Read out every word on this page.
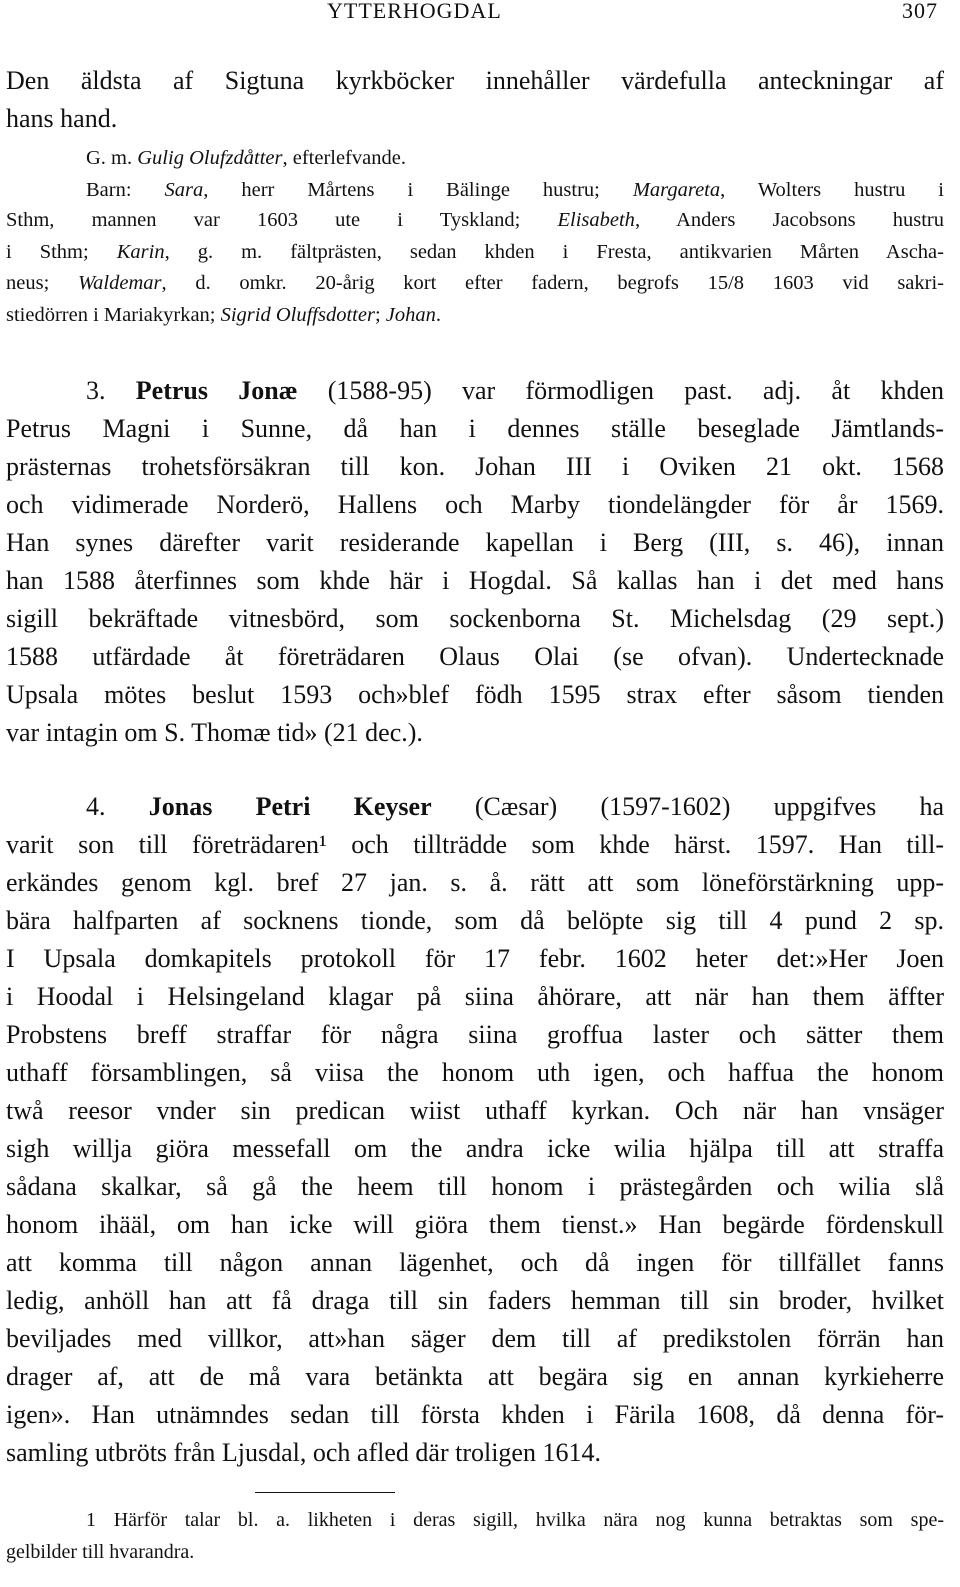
YTTERHOGDAL	307
Den äldsta af Sigtuna kyrkböcker innehåller värdefulla anteckningar af
hans hand.
G. m. Gulig Olufzdåtter, efterlefvande.
Barn: Sara, herr Mårtens i Bälinge hustru; Margareta, Wolters hustru i
Sthm, mannen var 1603 ute i Tyskland; Elisabeth, Anders Jacobsons hustru
i Sthm; Karin, g. m. fältprästen, sedan khden i Fresta, antikvarien Mårten Ascha-
neus; Waldemar, d. omkr. 20-årig kort efter fadern, begrofs 15/8 1603 vid sakri-
stiedörren i Mariakyrkan; Sigrid Oluffsdotter; Johan.
3. Petrus Jonæ (1588-95) var förmodligen past. adj. åt khden
Petrus Magni i Sunne, då han i dennes ställe beseglade Jämtlands-
prästernas trohetsförsäkran till kon. Johan III i Oviken 21 okt. 1568
och vidimerade Norderö, Hallens och Marby tiondelängder för år 1569.
Han synes därefter varit residerande kapellan i Berg (III, s. 46), innan
han 1588 återfinnes som khde här i Hogdal. Så kallas han i det med hans
sigill bekräftade vitnesbörd, som sockenborna St. Michelsdag (29 sept.)
1588 utfärdade åt företrädaren Olaus Olai (se ofvan). Undertecknade
Upsala mötes beslut 1593 och»blef födh 1595 strax efter såsom tienden
var intagin om S. Thomæ tid» (21 dec.).
4. Jonas Petri Keyser (Cæsar) (1597-1602) uppgifves ha
varit son till företrädaren¹ och tillträdde som khde härst. 1597. Han till-
erkändes genom kgl. bref 27 jan. s. å. rätt att som löneförstärkning upp-
bära halfparten af socknens tionde, som då belöpte sig till 4 pund 2 sp.
I Upsala domkapitels protokoll för 17 febr. 1602 heter det:»Her Joen
i Hoodal i Helsingeland klagar på siina åhörare, att när han them äffter
Probstens breff straffar för några siina groffua laster och sätter them
uthaff församblingen, så viisa the honom uth igen, och haffua the honom
twå reesor vnder sin predican wiist uthaff kyrkan. Och när han vnsäger
sigh willja giöra messefall om the andra icke wilia hjälpa till att straffa
sådana skalkar, så gå the heem till honom i prästegården och wilia slå
honom ihääl, om han icke will giöra them tienst.» Han begärde fördenskull
att komma till någon annan lägenhet, och då ingen för tillfället fanns
ledig, anhöll han att få draga till sin faders hemman till sin broder, hvilket
beviljades med villkor, att»han säger dem till af predikstolen förrän han
drager af, att de må vara betänkta att begära sig en annan kyrkieherre
igen». Han utnämndes sedan till första khden i Färila 1608, då denna för-
samling utbröts från Ljusdal, och afled där troligen 1614.
1 Härför talar bl. a. likheten i deras sigill, hvilka nära nog kunna betraktas som spe-
gelbilder till hvarandra.
